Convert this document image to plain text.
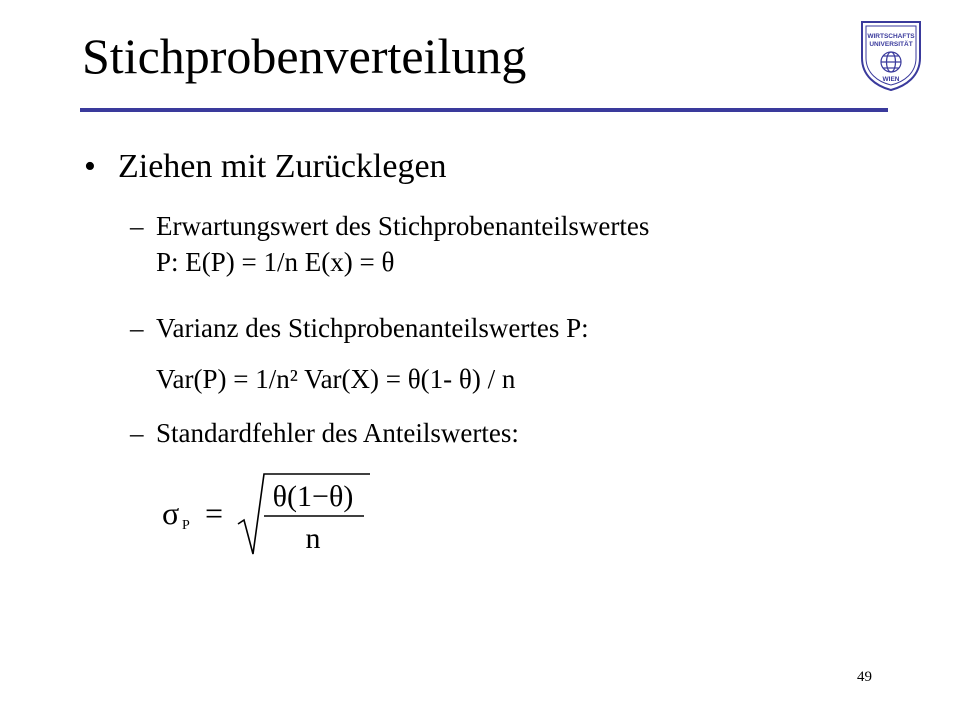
Stichprobenverteilung	WIRTSCHAFTS
UNIVERSITÄT
WIEN
• Ziehen mit Zurücklegen
– Erwartungswert des Stichprobenanteilswertes
P: E(P) = 1/n E(x) = θ
– Varianz des Stichprobenanteilswertes P:
Var(P) = 1/n² Var(X) = θ(1- θ) / n
– Standardfehler des Anteilswertes:
σ P = θ(1−θ)
n
49
